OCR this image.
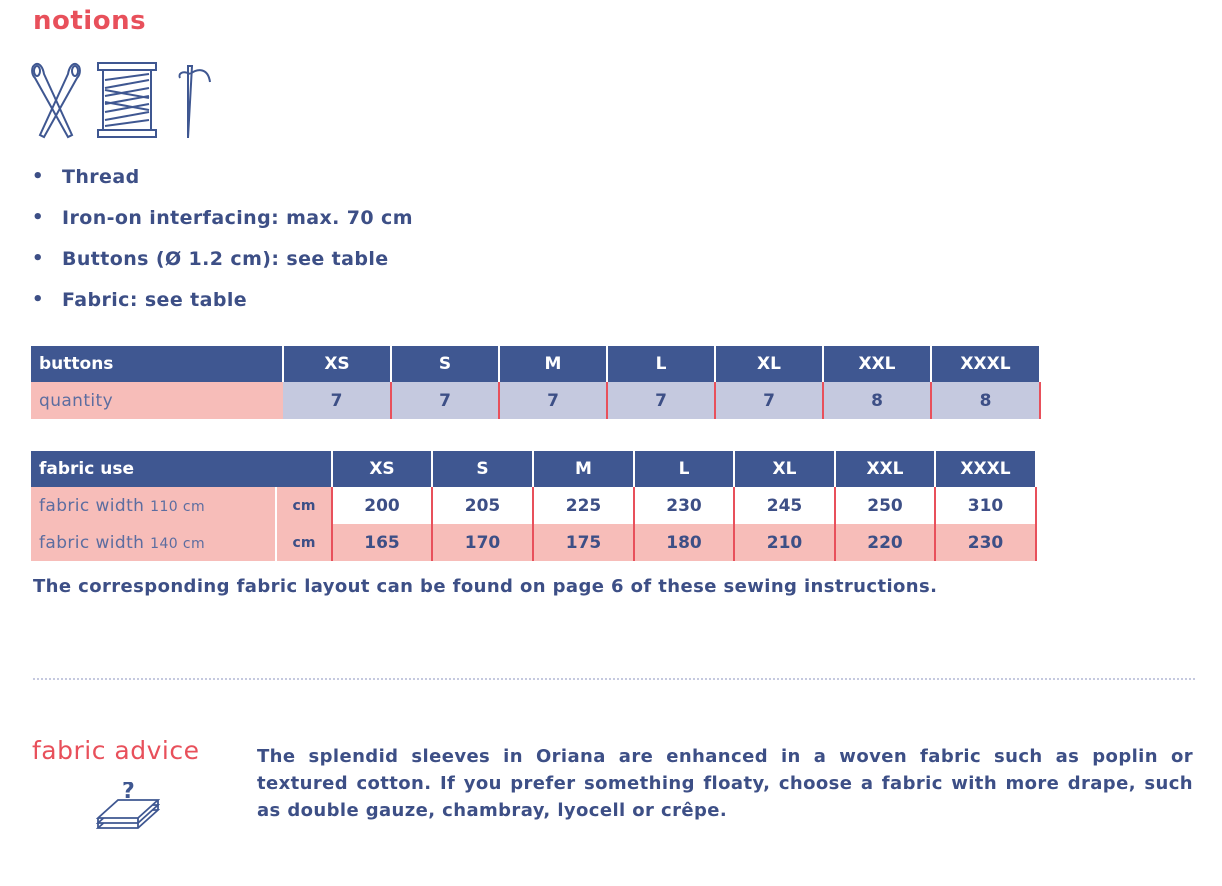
notions
• Thread
• Iron-on interfacing: max. 70 cm
• Buttons (Ø 1.2 cm): see table
• Fabric: see table
buttons	XS	S	M	L	XL	XXL	XXXL
quantity	7	7	7	7	7	8	8
fabric use		XS	S	M	L	XL	XXL	XXXL
fabric width 110 cm	cm	200	205	225	230	245	250	310
fabric width 140 cm	cm	165	170	175	180	210	220	230
The corresponding fabric layout can be found on page 6 of these sewing instructions.
fabric advice
?

The splendid sleeves in Oriana are enhanced in a woven fabric such as poplin or textured cotton. If you prefer something floaty, choose a fabric with more drape, such as double gauze, chambray, lyocell or crêpe.
